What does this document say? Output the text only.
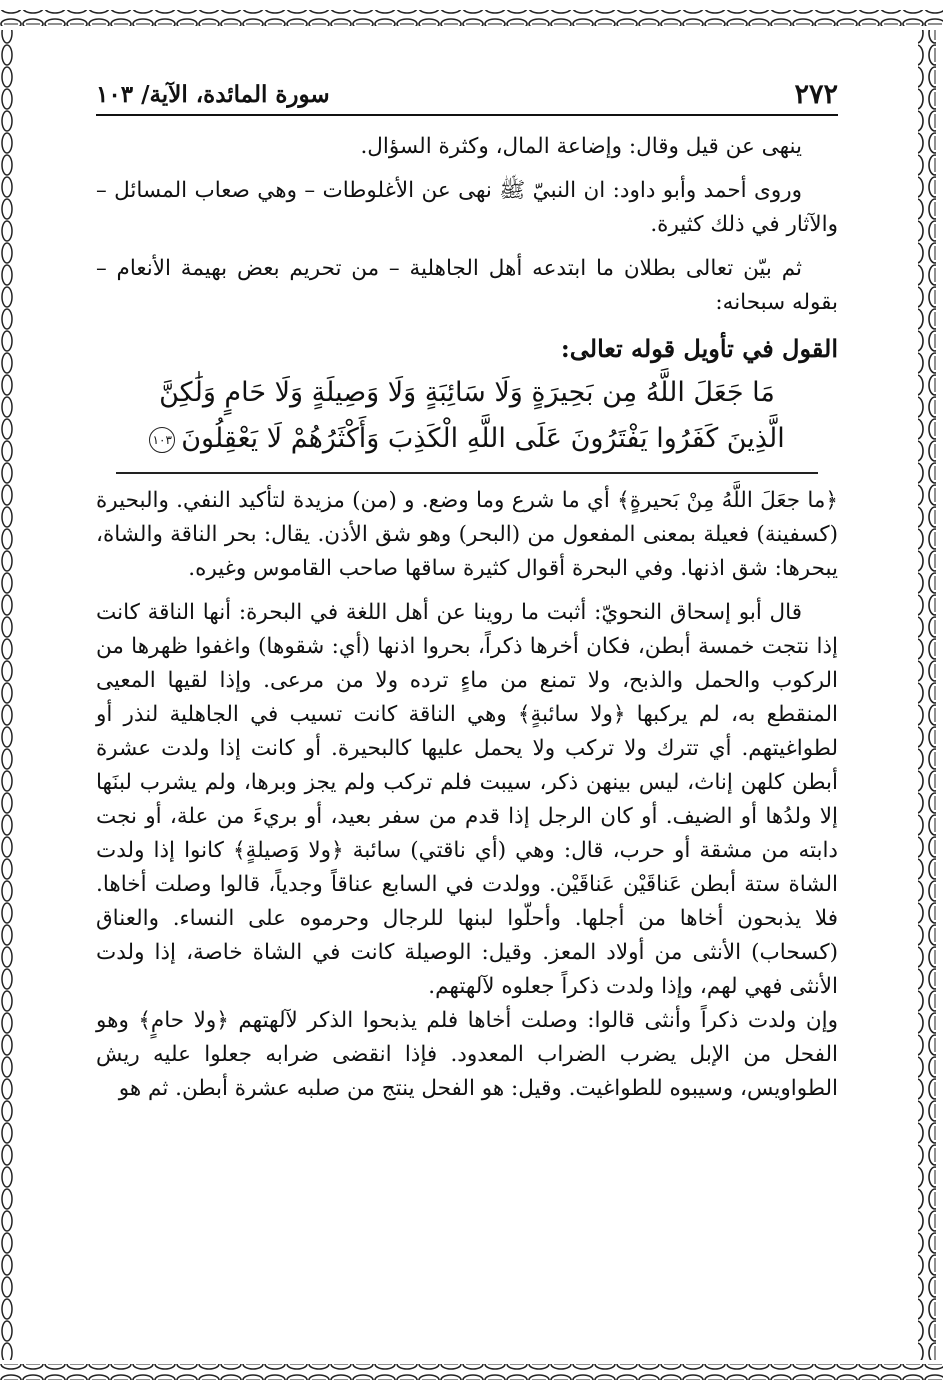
٢٧٢
سورة المائدة، الآية/ ١٠٣

ينهى عن قيل وقال: وإضاعة المال، وكثرة السؤال.

وروى أحمد وأبو داود: ان النبيّ ﷺ نهى عن الأغلوطات – وهي صعاب المسائل – والآثار في ذلك كثيرة.

ثم بيّن تعالى بطلان ما ابتدعه أهل الجاهلية – من تحريم بعض بهيمة الأنعام – بقوله سبحانه:

القول في تأويل قوله تعالى:

مَا جَعَلَ اللَّهُ مِن بَحِيرَةٍ وَلَا سَائِبَةٍ وَلَا وَصِيلَةٍ وَلَا حَامٍ وَلَٰكِنَّ
الَّذِينَ كَفَرُوا يَفْتَرُونَ عَلَى اللَّهِ الْكَذِبَ وَأَكْثَرُهُمْ لَا يَعْقِلُونَ١٠٣

﴿ما جعَلَ اللَّهُ مِنْ بَحيرةٍ﴾ أي ما شرع وما وضع. و (من) مزيدة لتأكيد النفي. والبحيرة (كسفينة) فعيلة بمعنى المفعول من (البحر) وهو شق الأذن. يقال: بحر الناقة والشاة، يبحرها: شق اذنها. وفي البحرة أقوال كثيرة ساقها صاحب القاموس وغيره.

قال أبو إسحاق النحويّ: أثبت ما روينا عن أهل اللغة في البحرة: أنها الناقة كانت إذا نتجت خمسة أبطن، فكان أخرها ذكراً، بحروا اذنها (أي: شقوها) واغفوا ظهرها من الركوب والحمل والذبح، ولا تمنع من ماءٍ ترده ولا من مرعى. وإذا لقيها المعيى المنقطع به، لم يركبها ﴿ولا سائبةٍ﴾ وهي الناقة كانت تسيب في الجاهلية لنذر أو لطواغيتهم. أي تترك ولا تركب ولا يحمل عليها كالبحيرة. أو كانت إذا ولدت عشرة أبطن كلهن إناث، ليس بينهن ذكر، سيبت فلم تركب ولم يجز وبرها، ولم يشرب لبنَها إلا ولدُها أو الضيف. أو كان الرجل إذا قدم من سفر بعيد، أو بريءَ من علة، أو نجت دابته من مشقة أو حرب، قال: وهي (أي ناقتي) سائبة ﴿ولا وَصيلةٍ﴾ كانوا إذا ولدت الشاة ستة أبطن عَناقَيْن عَناقَيْن. وولدت في السابع عناقاً وجدياً، قالوا وصلت أخاها. فلا يذبحون أخاها من أجلها. وأحلّوا لبنها للرجال وحرموه على النساء. والعناق (كسحاب) الأنثى من أولاد المعز. وقيل: الوصيلة كانت في الشاة خاصة، إذا ولدت الأنثى فهي لهم، وإذا ولدت ذكراً جعلوه لآلهتهم.

وإن ولدت ذكراً وأنثى قالوا: وصلت أخاها فلم يذبحوا الذكر لآلهتهم ﴿ولا حامٍ﴾ وهو الفحل من الإبل يضرب الضراب المعدود. فإذا انقضى ضرابه جعلوا عليه ريش الطواويس، وسيبوه للطواغيت. وقيل: هو الفحل ينتج من صلبه عشرة أبطن. ثم هو
